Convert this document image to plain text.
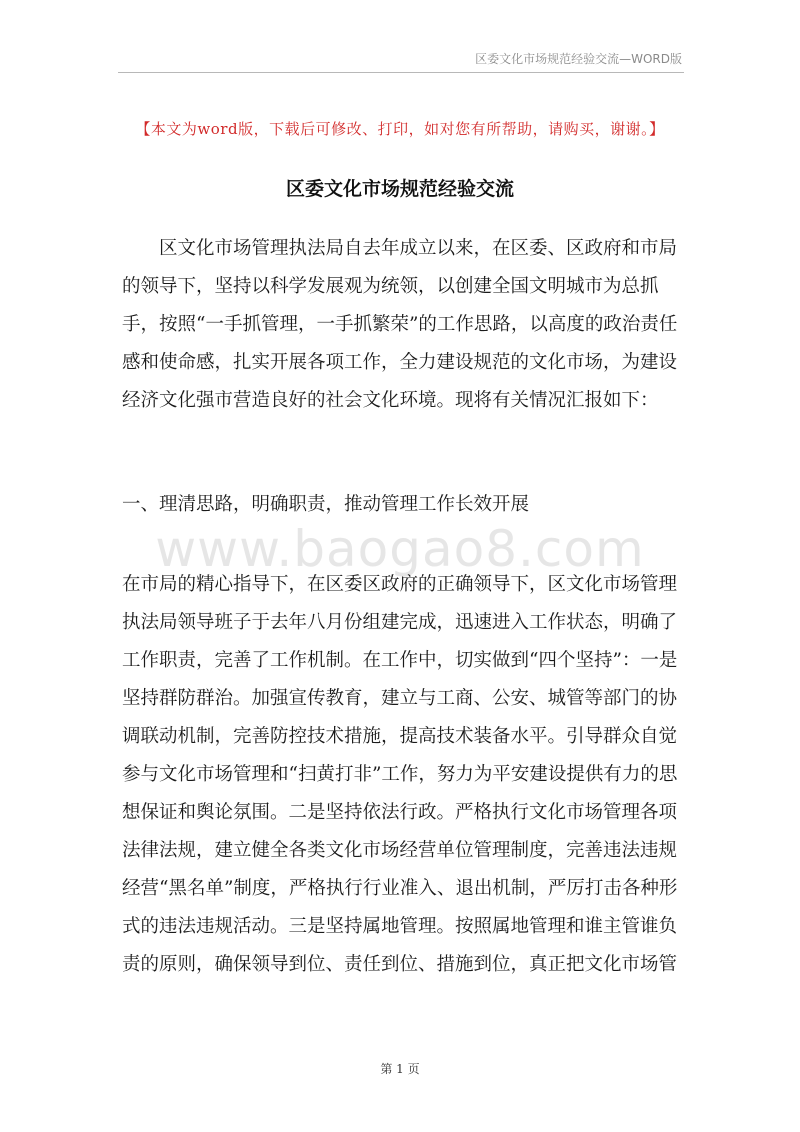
区委文化市场规范经验交流—WORD版
【本文为word版，下载后可修改、打印，如对您有所帮助，请购买，谢谢。】
区委文化市场规范经验交流
区文化市场管理执法局自去年成立以来，在区委、区政府和市局的领导下，坚持以科学发展观为统领，以创建全国文明城市为总抓手，按照“一手抓管理，一手抓繁荣”的工作思路，以高度的政治责任感和使命感，扎实开展各项工作，全力建设规范的文化市场，为建设经济文化强市营造良好的社会文化环境。现将有关情况汇报如下：
一、理清思路，明确职责，推动管理工作长效开展
www.baogao8.com
在市局的精心指导下，在区委区政府的正确领导下，区文化市场管理执法局领导班子于去年八月份组建完成，迅速进入工作状态，明确了工作职责，完善了工作机制。在工作中，切实做到“四个坚持”：一是坚持群防群治。加强宣传教育，建立与工商、公安、城管等部门的协调联动机制，完善防控技术措施，提高技术装备水平。引导群众自觉参与文化市场管理和“扫黄打非”工作，努力为平安建设提供有力的思想保证和舆论氛围。二是坚持依法行政。严格执行文化市场管理各项法律法规，建立健全各类文化市场经营单位管理制度，完善违法违规经营“黑名单”制度，严格执行行业准入、退出机制，严厉打击各种形式的违法违规活动。三是坚持属地管理。按照属地管理和谁主管谁负责的原则，确保领导到位、责任到位、措施到位，真正把文化市场管
第 1 页
